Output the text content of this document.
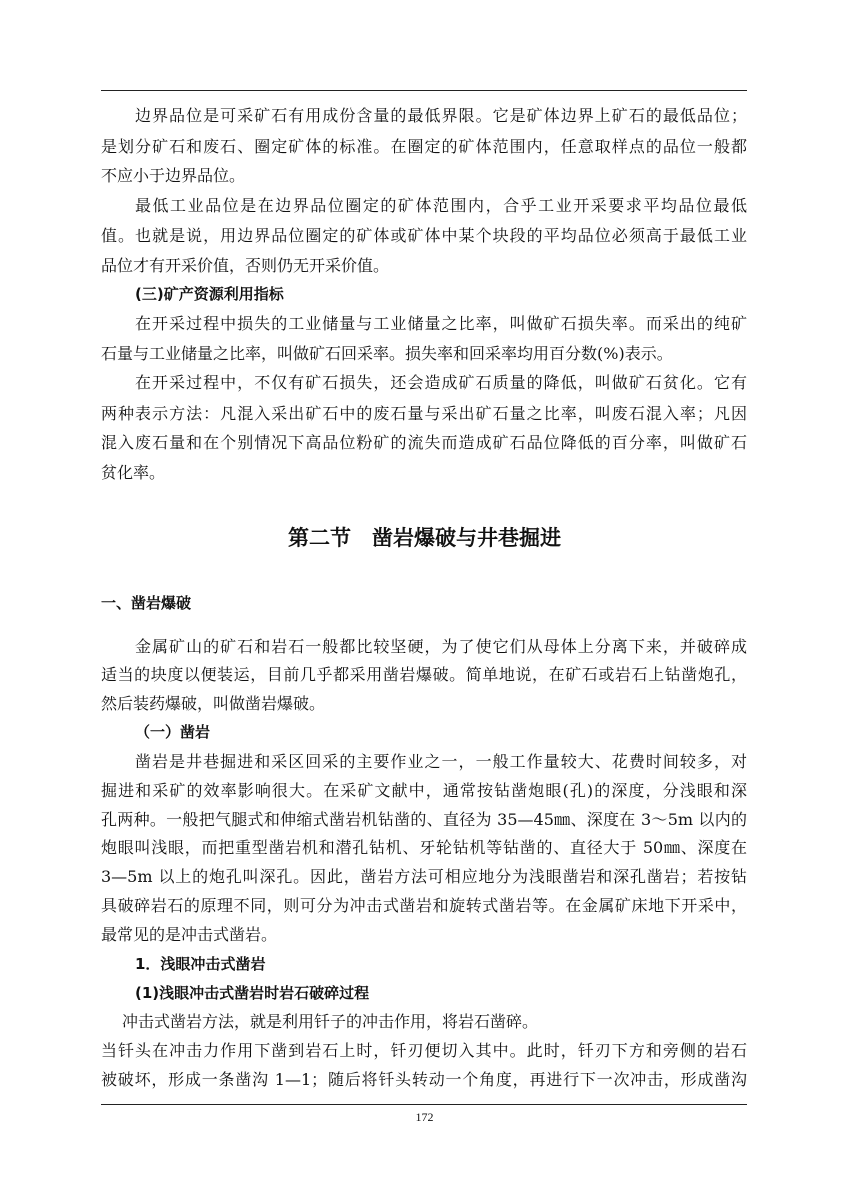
边界品位是可采矿石有用成份含量的最低界限。它是矿体边界上矿石的最低品位；
是划分矿石和废石、圈定矿体的标准。在圈定的矿体范围内，任意取样点的品位一般都
不应小于边界品位。
最低工业品位是在边界品位圈定的矿体范围内，合乎工业开采要求平均品位最低
值。也就是说，用边界品位圈定的矿体或矿体中某个块段的平均品位必须高于最低工业
品位才有开采价值，否则仍无开采价值。
(三)矿产资源利用指标
在开采过程中损失的工业储量与工业储量之比率，叫做矿石损失率。而采出的纯矿
石量与工业储量之比率，叫做矿石回采率。损失率和回采率均用百分数(%)表示。
在开采过程中，不仅有矿石损失，还会造成矿石质量的降低，叫做矿石贫化。它有
两种表示方法：凡混入采出矿石中的废石量与采出矿石量之比率，叫废石混入率；凡因
混入废石量和在个别情况下高品位粉矿的流失而造成矿石品位降低的百分率，叫做矿石
贫化率。
第二节　凿岩爆破与井巷掘进
一、凿岩爆破
金属矿山的矿石和岩石一般都比较坚硬，为了使它们从母体上分离下来，并破碎成
适当的块度以便装运，目前几乎都采用凿岩爆破。简单地说，在矿石或岩石上钻凿炮孔，
然后装药爆破，叫做凿岩爆破。
（一）凿岩
凿岩是井巷掘进和采区回采的主要作业之一，一般工作量较大、花费时间较多，对
掘进和采矿的效率影响很大。在采矿文献中，通常按钻凿炮眼(孔)的深度，分浅眼和深
孔两种。一般把气腿式和伸缩式凿岩机钻凿的、直径为 35—45㎜、深度在 3～5m 以内的
炮眼叫浅眼，而把重型凿岩机和潜孔钻机、牙轮钻机等钻凿的、直径大于 50㎜、深度在
3—5m 以上的炮孔叫深孔。因此，凿岩方法可相应地分为浅眼凿岩和深孔凿岩；若按钻
具破碎岩石的原理不同，则可分为冲击式凿岩和旋转式凿岩等。在金属矿床地下开采中，
最常见的是冲击式凿岩。
1．浅眼冲击式凿岩
(1)浅眼冲击式凿岩时岩石破碎过程
冲击式凿岩方法，就是利用钎子的冲击作用，将岩石凿碎。
当钎头在冲击力作用下凿到岩石上时，钎刃便切入其中。此时，钎刃下方和旁侧的岩石
被破坏，形成一条凿沟 1—1；随后将钎头转动一个角度，再进行下一次冲击，形成凿沟
172
